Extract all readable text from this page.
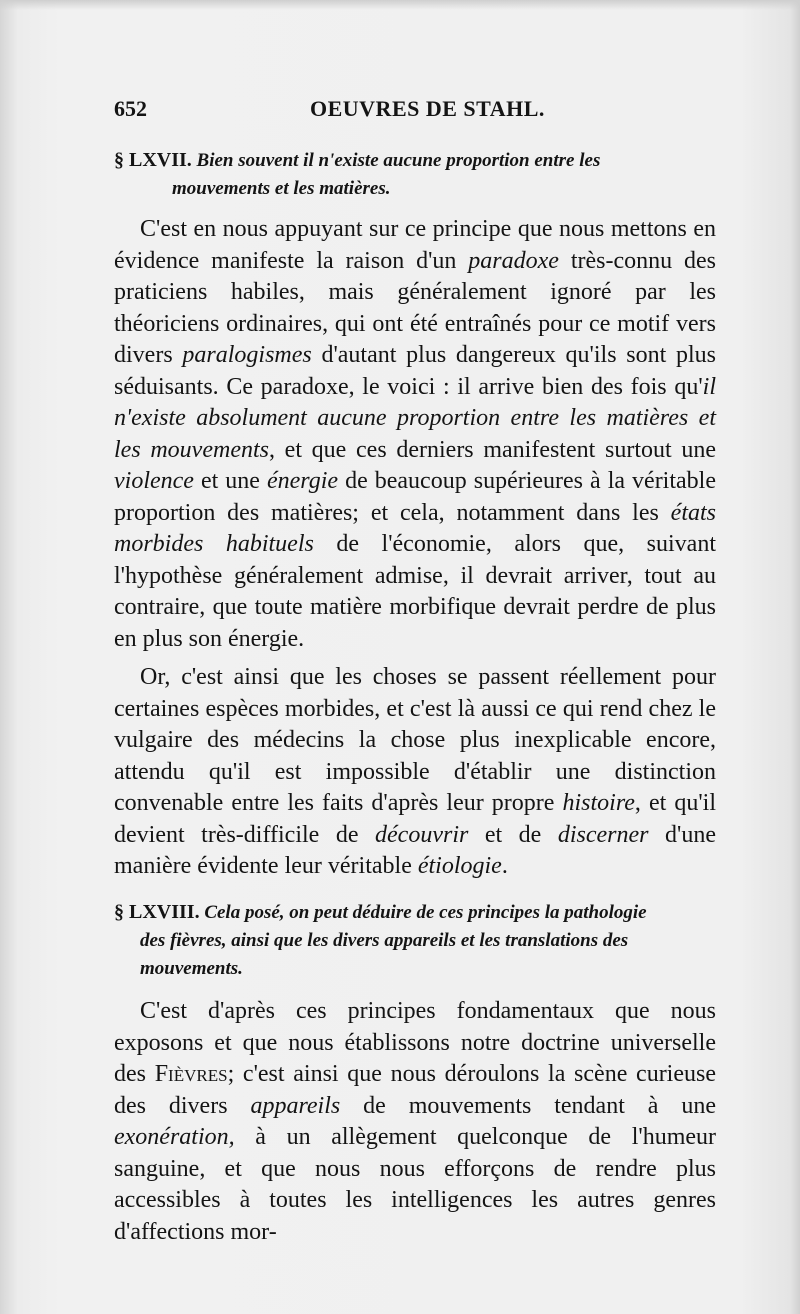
652	OEUVRES DE STAHL.
§ LXVII. Bien souvent il n'existe aucune proportion entre les
mouvements et les matières.

C'est en nous appuyant sur ce principe que nous mettons en évidence manifeste la raison d'un paradoxe très-connu des praticiens habiles, mais généralement ignoré par les théoriciens ordinaires, qui ont été entraînés pour ce motif vers divers paralogismes d'autant plus dangereux qu'ils sont plus séduisants. Ce paradoxe, le voici : il arrive bien des fois qu'il n'existe absolument aucune proportion entre les matières et les mouvements, et que ces derniers manifestent surtout une violence et une énergie de beaucoup supérieures à la véritable proportion des matières; et cela, notamment dans les états morbides habituels de l'économie, alors que, suivant l'hypothèse généralement admise, il devrait arriver, tout au contraire, que toute matière morbifique devrait perdre de plus en plus son énergie.

Or, c'est ainsi que les choses se passent réellement pour certaines espèces morbides, et c'est là aussi ce qui rend chez le vulgaire des médecins la chose plus inexplicable encore, attendu qu'il est impossible d'établir une distinction convenable entre les faits d'après leur propre histoire, et qu'il devient très-difficile de découvrir et de discerner d'une manière évidente leur véritable étiologie.

§ LXVIII. Cela posé, on peut déduire de ces principes la pathologie
des fièvres, ainsi que les divers appareils et les translations des
mouvements.

C'est d'après ces principes fondamentaux que nous exposons et que nous établissons notre doctrine universelle des Fièvres; c'est ainsi que nous déroulons la scène curieuse des divers appareils de mouvements tendant à une exonération, à un allègement quelconque de l'humeur sanguine, et que nous nous efforçons de rendre plus accessibles à toutes les intelligences les autres genres d'affections mor-
